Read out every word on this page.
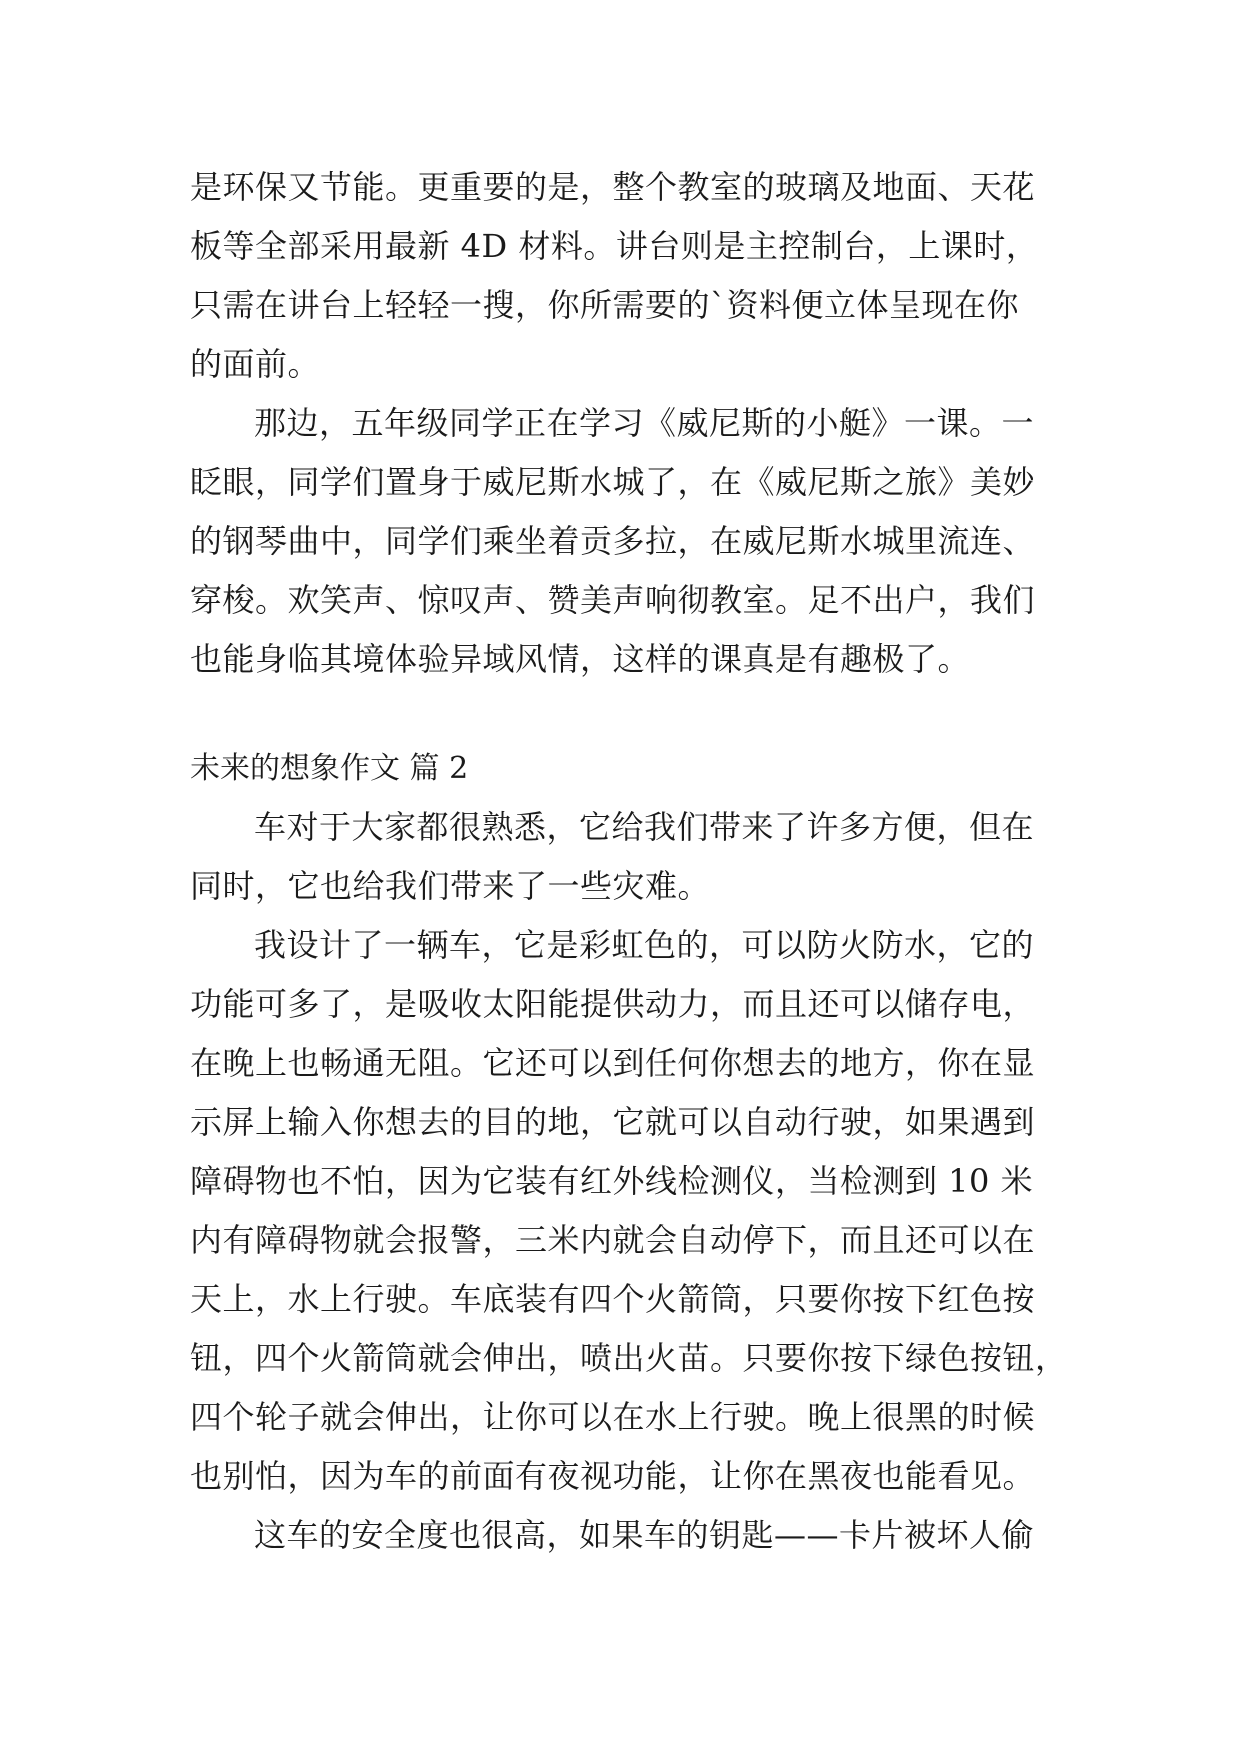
是环保又节能。更重要的是，整个教室的玻璃及地面、天花
板等全部采用最新 4D 材料。讲台则是主控制台，上课时，
只需在讲台上轻轻一搜，你所需要的`资料便立体呈现在你
的面前。
那边，五年级同学正在学习《威尼斯的小艇》一课。一
眨眼，同学们置身于威尼斯水城了，在《威尼斯之旅》美妙
的钢琴曲中，同学们乘坐着贡多拉，在威尼斯水城里流连、
穿梭。欢笑声、惊叹声、赞美声响彻教室。足不出户，我们
也能身临其境体验异域风情，这样的课真是有趣极了。
未来的想象作文 篇 2
车对于大家都很熟悉，它给我们带来了许多方便，但在
同时，它也给我们带来了一些灾难。
我设计了一辆车，它是彩虹色的，可以防火防水，它的
功能可多了，是吸收太阳能提供动力，而且还可以储存电，
在晚上也畅通无阻。它还可以到任何你想去的地方，你在显
示屏上输入你想去的目的地，它就可以自动行驶，如果遇到
障碍物也不怕，因为它装有红外线检测仪，当检测到 10 米
内有障碍物就会报警，三米内就会自动停下，而且还可以在
天上，水上行驶。车底装有四个火箭筒，只要你按下红色按
钮，四个火箭筒就会伸出，喷出火苗。只要你按下绿色按钮，
四个轮子就会伸出，让你可以在水上行驶。晚上很黑的时候
也别怕，因为车的前面有夜视功能，让你在黑夜也能看见。
这车的安全度也很高，如果车的钥匙——卡片被坏人偷
